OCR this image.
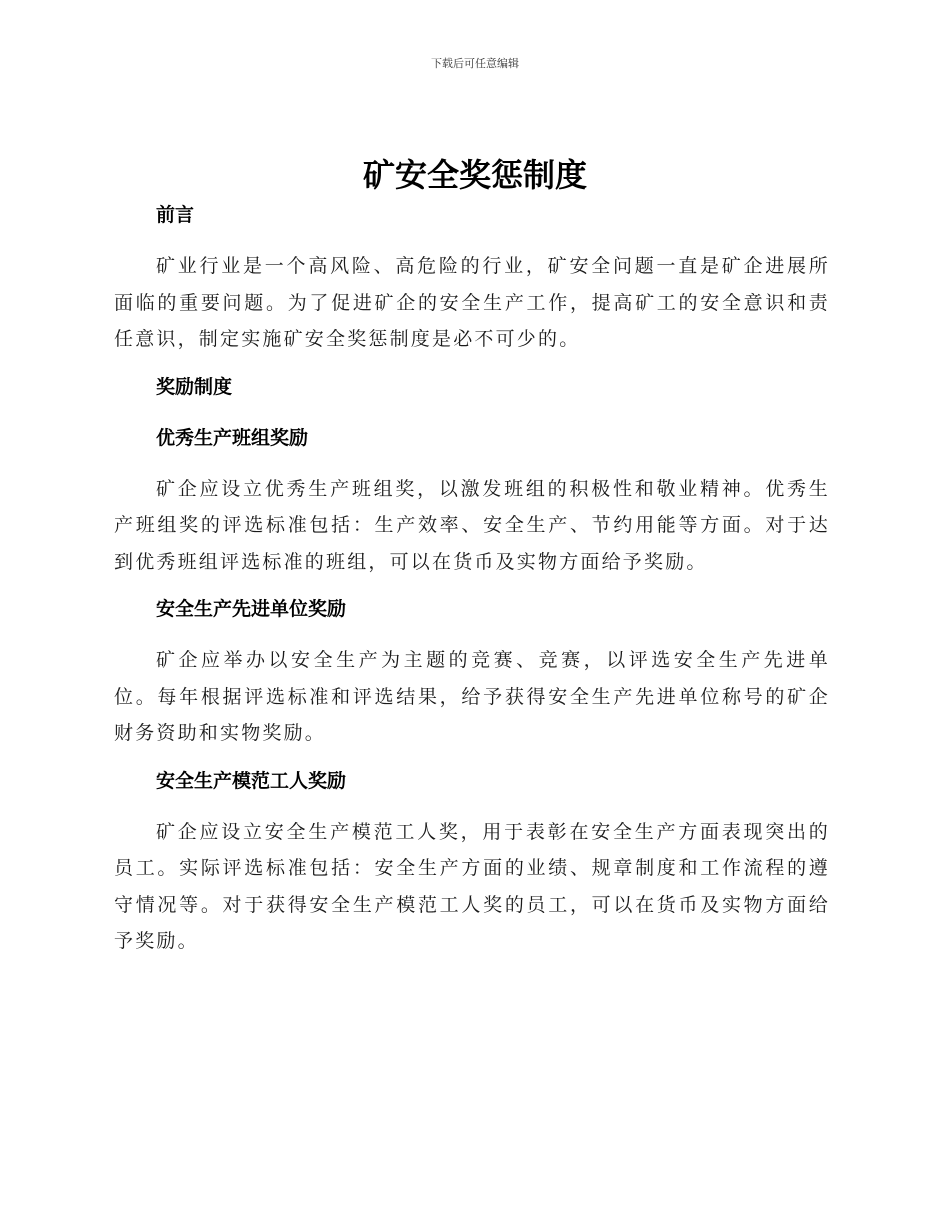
下载后可任意编辑
矿安全奖惩制度
前言

矿业行业是一个高风险、高危险的行业，矿安全问题一直是矿企进展所面临的重要问题。为了促进矿企的安全生产工作，提高矿工的安全意识和责任意识，制定实施矿安全奖惩制度是必不可少的。

奖励制度
优秀生产班组奖励

矿企应设立优秀生产班组奖，以激发班组的积极性和敬业精神。优秀生产班组奖的评选标准包括：生产效率、安全生产、节约用能等方面。对于达到优秀班组评选标准的班组，可以在货币及实物方面给予奖励。

安全生产先进单位奖励

矿企应举办以安全生产为主题的竞赛、竞赛，以评选安全生产先进单位。每年根据评选标准和评选结果，给予获得安全生产先进单位称号的矿企财务资助和实物奖励。

安全生产模范工人奖励

矿企应设立安全生产模范工人奖，用于表彰在安全生产方面表现突出的员工。实际评选标准包括：安全生产方面的业绩、规章制度和工作流程的遵守情况等。对于获得安全生产模范工人奖的员工，可以在货币及实物方面给予奖励。
